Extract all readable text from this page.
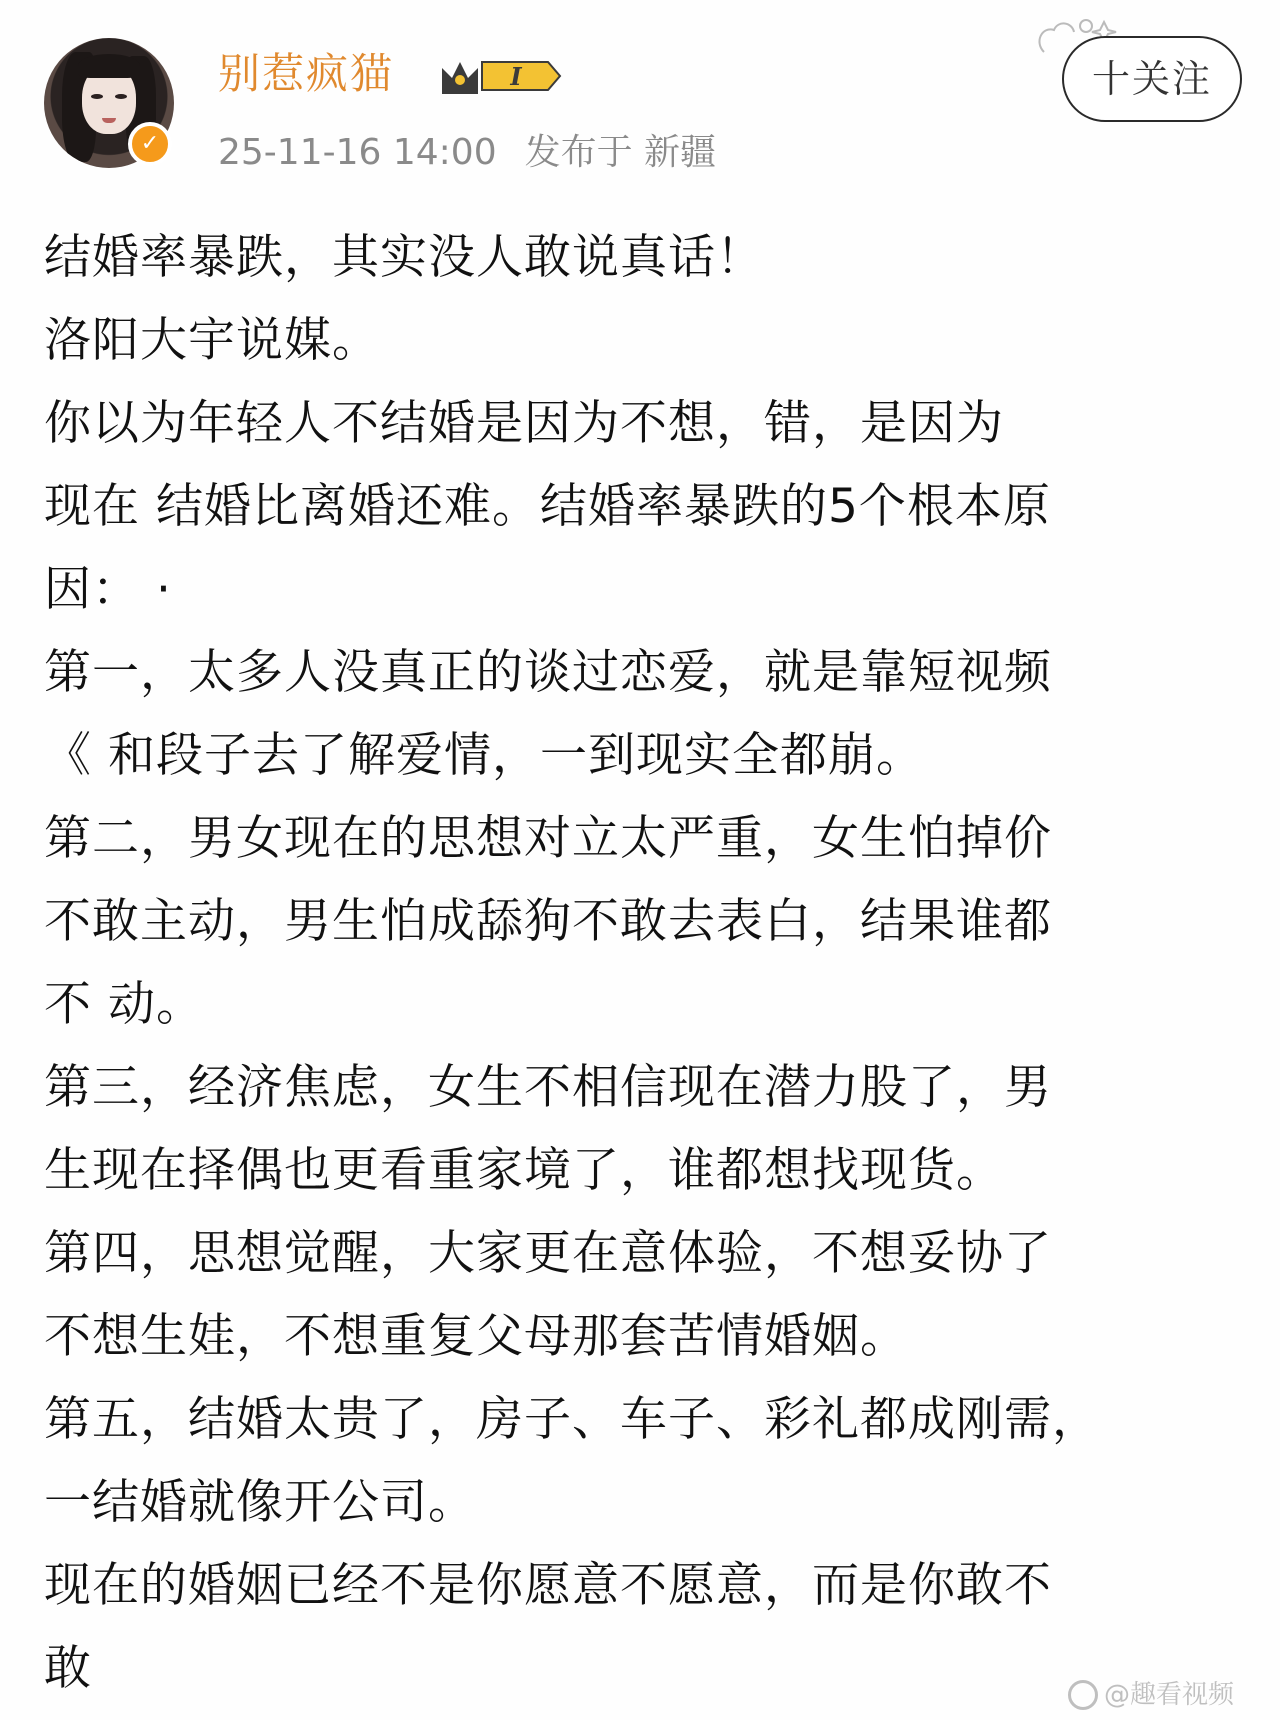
✓
别惹疯猫	I
25-11-16 14:00 发布于 新疆
十关注

结婚率暴跌，其实没人敢说真话！

洛阳大宇说媒。

你以为年轻人不结婚是因为不想，错，是因为

现在 结婚比离婚还难。结婚率暴跌的5个根本原

因： ·

第一，太多人没真正的谈过恋爱，就是靠短视频

《 和段子去了解爱情，一到现实全都崩。

第二，男女现在的思想对立太严重，女生怕掉价

不敢主动，男生怕成舔狗不敢去表白，结果谁都

不 动。

第三，经济焦虑，女生不相信现在潜力股了，男

生现在择偶也更看重家境了，谁都想找现货。

第四，思想觉醒，大家更在意体验，不想妥协了

不想生娃，不想重复父母那套苦情婚姻。

第五，结婚太贵了，房子、车子、彩礼都成刚需，

一结婚就像开公司。

现在的婚姻已经不是你愿意不愿意，而是你敢不

敢	@趣看视频
